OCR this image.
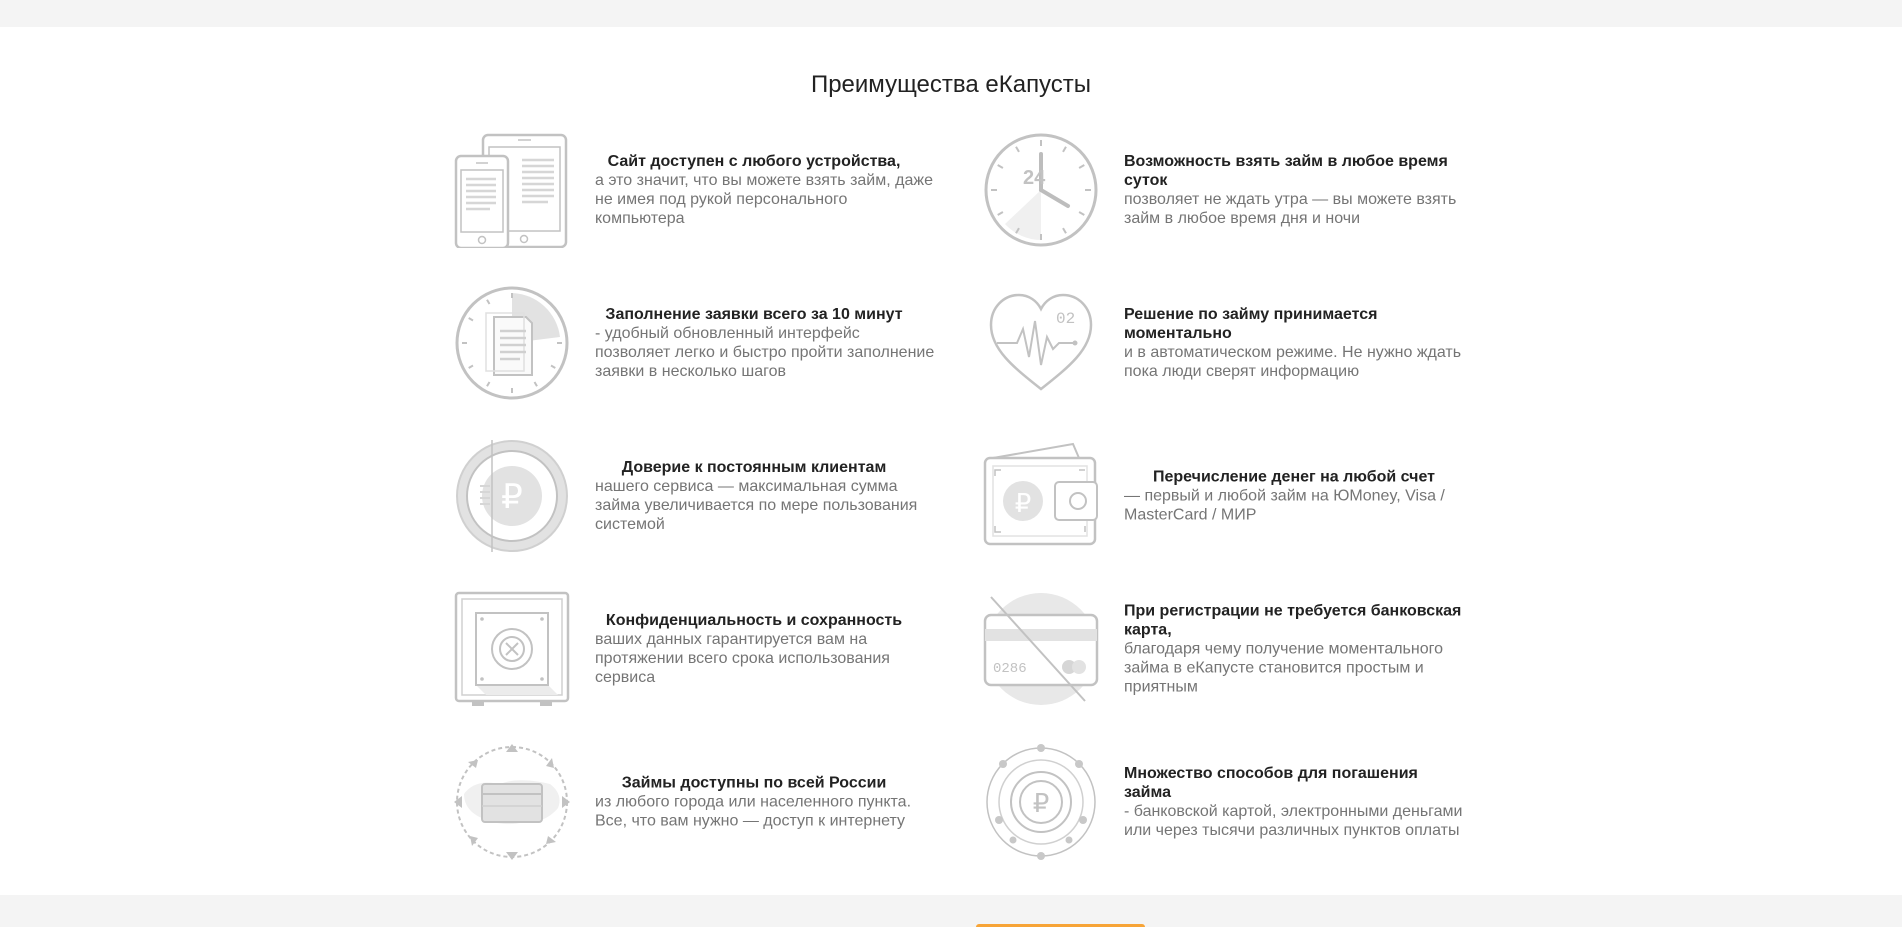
Преимущества еКапусты
Сайт доступен с любого устройства,
а это значит, что вы можете взять займ, даже не имея под рукой персонального компьютера
24
Возможность взять займ в любое время суток
позволяет не ждать утра — вы можете взять займ в любое время дня и ночи
Заполнение заявки всего за 10 минут
- удобный обновленный интерфейс позволяет легко и быстро пройти заполнение заявки в несколько шагов
02	Решение по займу принимается моментально
и в автоматическом режиме. Не нужно ждать пока люди сверят информацию
₽
Доверие к постоянным клиентам
нашего сервиса — максимальная сумма займа увеличивается по мере пользования системой
₽
Перечисление денег на любой счет
— первый и любой займ на ЮMoney, Visa / MasterCard / МИР
Конфиденциальность и сохранность
ваших данных гарантируется вам на протяжении всего срока использования сервиса	0286
При регистрации не требуется банковская карта,
благодаря чему получение моментального займа в еКапусте становится простым и приятным
Займы доступны по всей России
из любого города или населенного пункта. Все, что вам нужно — доступ к интернету
₽
Множество способов для погашения займа
- банковской картой, электронными деньгами или через тысячи различных пунктов оплаты
